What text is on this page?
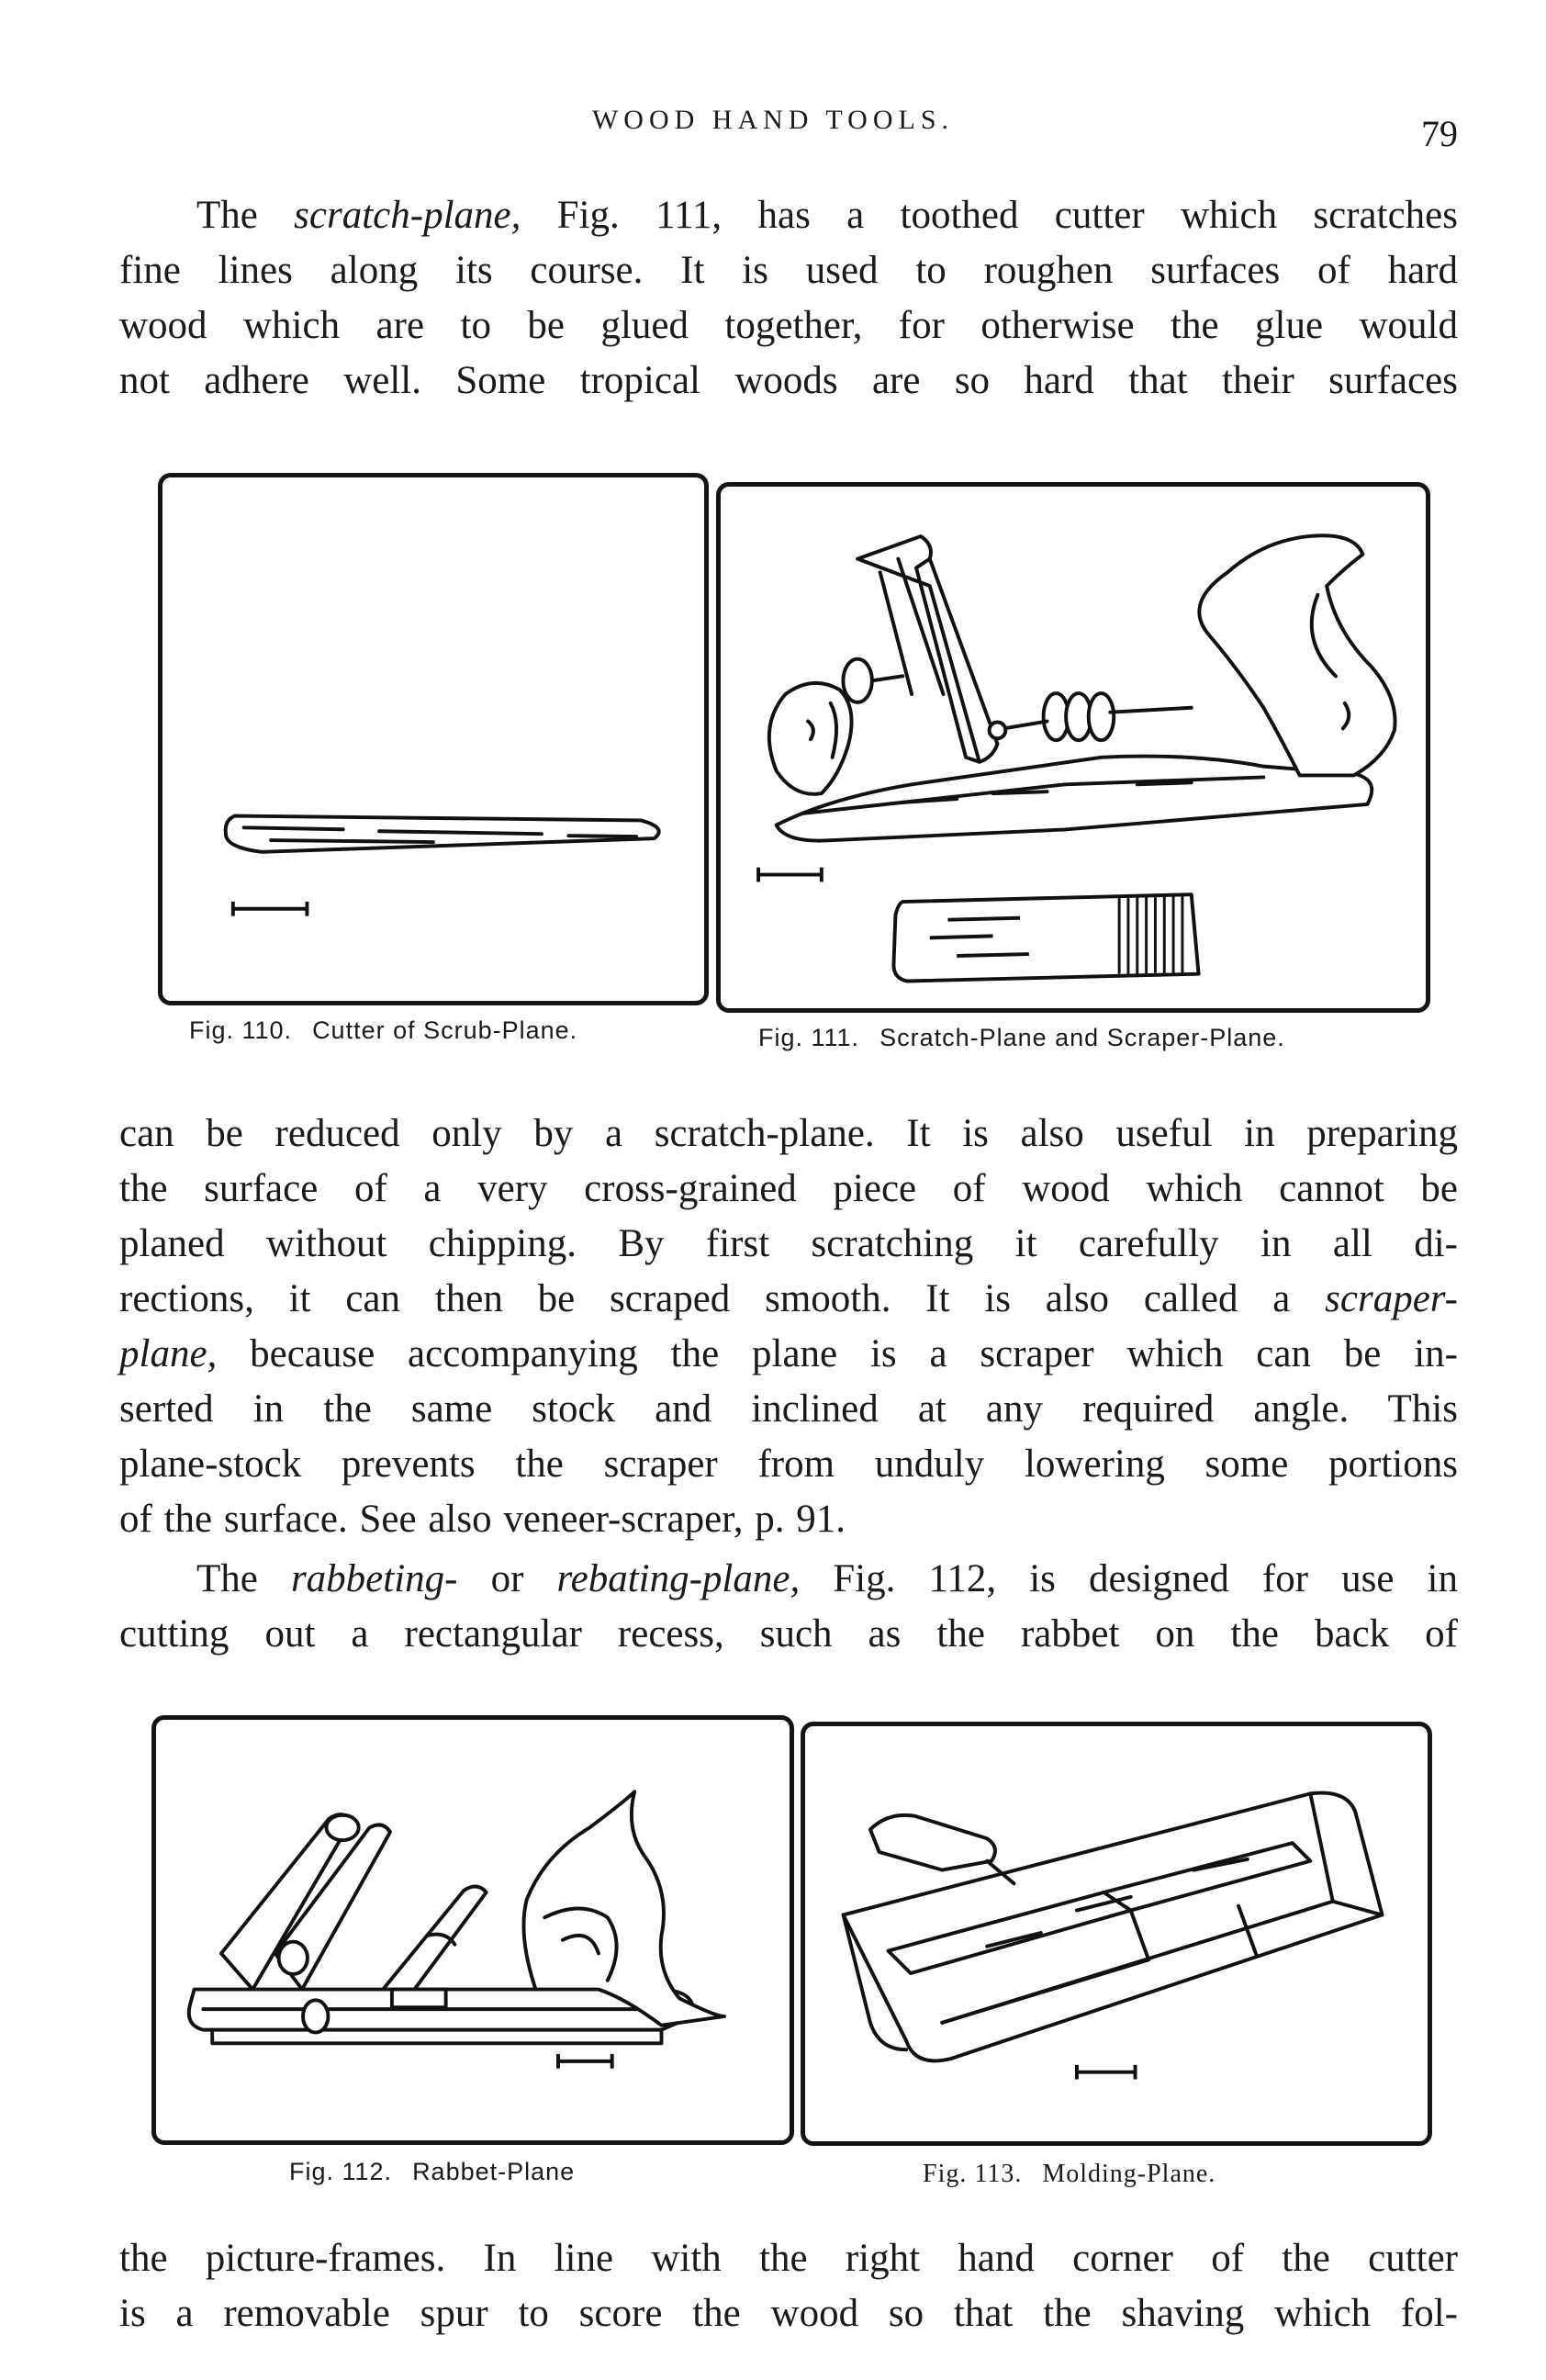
WOOD HAND TOOLS.	79

The scratch-plane, Fig. 111, has a toothed cutter which scratches
fine lines along its course. It is used to roughen surfaces of hard
wood which are to be glued together, for otherwise the glue would
not adhere well. Some tropical woods are so hard that their surfaces

Fig. 110. Cutter of Scrub-Plane.	Fig. 111. Scratch-Plane and Scraper-Plane.

can be reduced only by a scratch-plane. It is also useful in preparing
the surface of a very cross-grained piece of wood which cannot be
planed without chipping. By first scratching it carefully in all di-
rections, it can then be scraped smooth. It is also called a scraper-
plane, because accompanying the plane is a scraper which can be in-
serted in the same stock and inclined at any required angle. This
plane-stock prevents the scraper from unduly lowering some portions
of the surface. See also veneer-scraper, p. 91.

The rabbeting- or rebating-plane, Fig. 112, is designed for use in
cutting out a rectangular recess, such as the rabbet on the back of

Fig. 112. Rabbet-Plane	Fig. 113. Molding-Plane.

the picture-frames. In line with the right hand corner of the cutter
is a removable spur to score the wood so that the shaving which fol-
